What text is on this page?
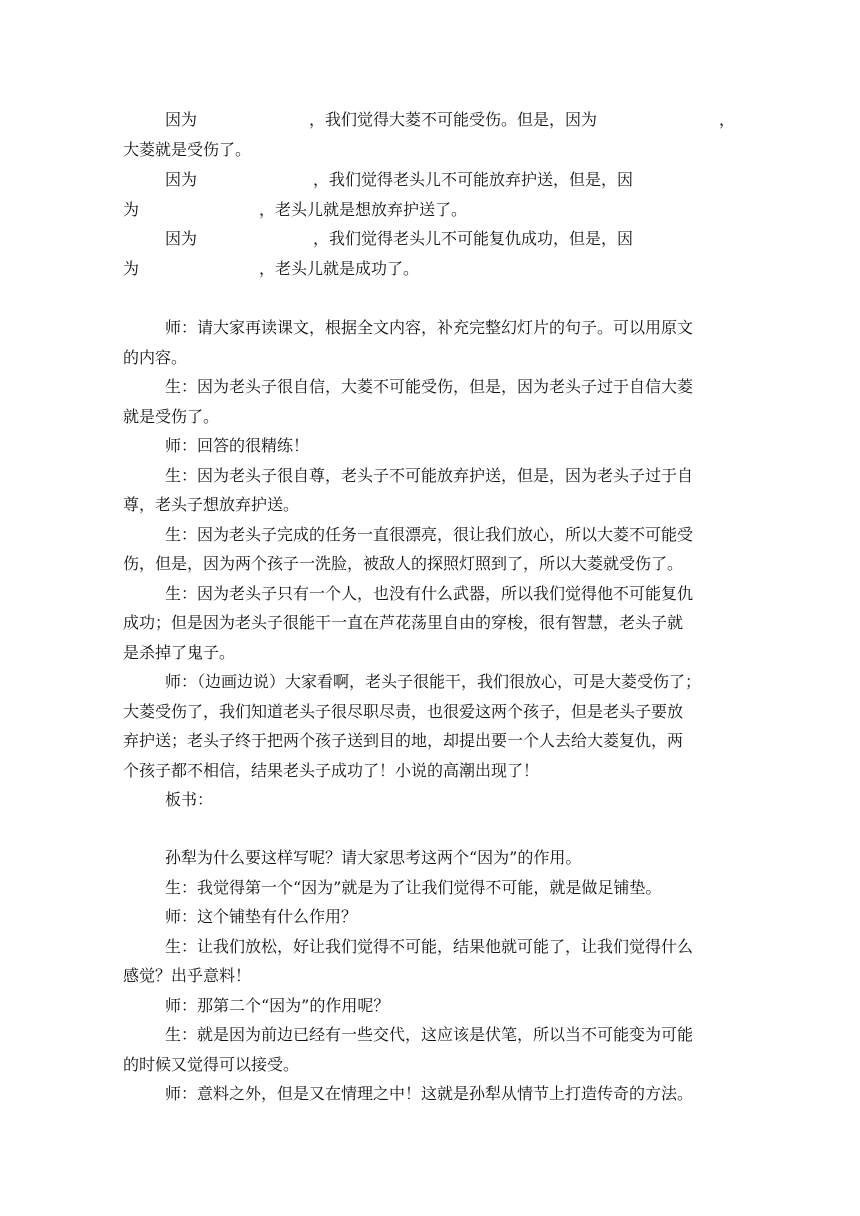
因为	，我们觉得大菱不可能受伤。但是，因为	，
大菱就是受伤了。
因为	，我们觉得老头儿不可能放弃护送，但是，因
为	，老头儿就是想放弃护送了。
因为	，我们觉得老头儿不可能复仇成功，但是，因
为	，老头儿就是成功了。
师：请大家再读课文，根据全文内容，补充完整幻灯片的句子。可以用原文
的内容。
生：因为老头子很自信，大菱不可能受伤，但是，因为老头子过于自信大菱
就是受伤了。
师：回答的很精练！
生：因为老头子很自尊，老头子不可能放弃护送，但是，因为老头子过于自
尊，老头子想放弃护送。
生：因为老头子完成的任务一直很漂亮，很让我们放心，所以大菱不可能受
伤，但是，因为两个孩子一洗脸，被敌人的探照灯照到了，所以大菱就受伤了。
生：因为老头子只有一个人，也没有什么武器，所以我们觉得他不可能复仇
成功；但是因为老头子很能干一直在芦花荡里自由的穿梭，很有智慧，老头子就
是杀掉了鬼子。
师：（边画边说）大家看啊，老头子很能干，我们很放心，可是大菱受伤了；
大菱受伤了，我们知道老头子很尽职尽责，也很爱这两个孩子，但是老头子要放
弃护送；老头子终于把两个孩子送到目的地，却提出要一个人去给大菱复仇，两
个孩子都不相信，结果老头子成功了！小说的高潮出现了！
板书：
孙犁为什么要这样写呢？请大家思考这两个“因为”的作用。
生：我觉得第一个“因为”就是为了让我们觉得不可能，就是做足铺垫。
师：这个铺垫有什么作用？
生：让我们放松，好让我们觉得不可能，结果他就可能了，让我们觉得什么
感觉？出乎意料！
师：那第二个“因为”的作用呢？
生：就是因为前边已经有一些交代，这应该是伏笔，所以当不可能变为可能
的时候又觉得可以接受。
师：意料之外，但是又在情理之中！这就是孙犁从情节上打造传奇的方法。
